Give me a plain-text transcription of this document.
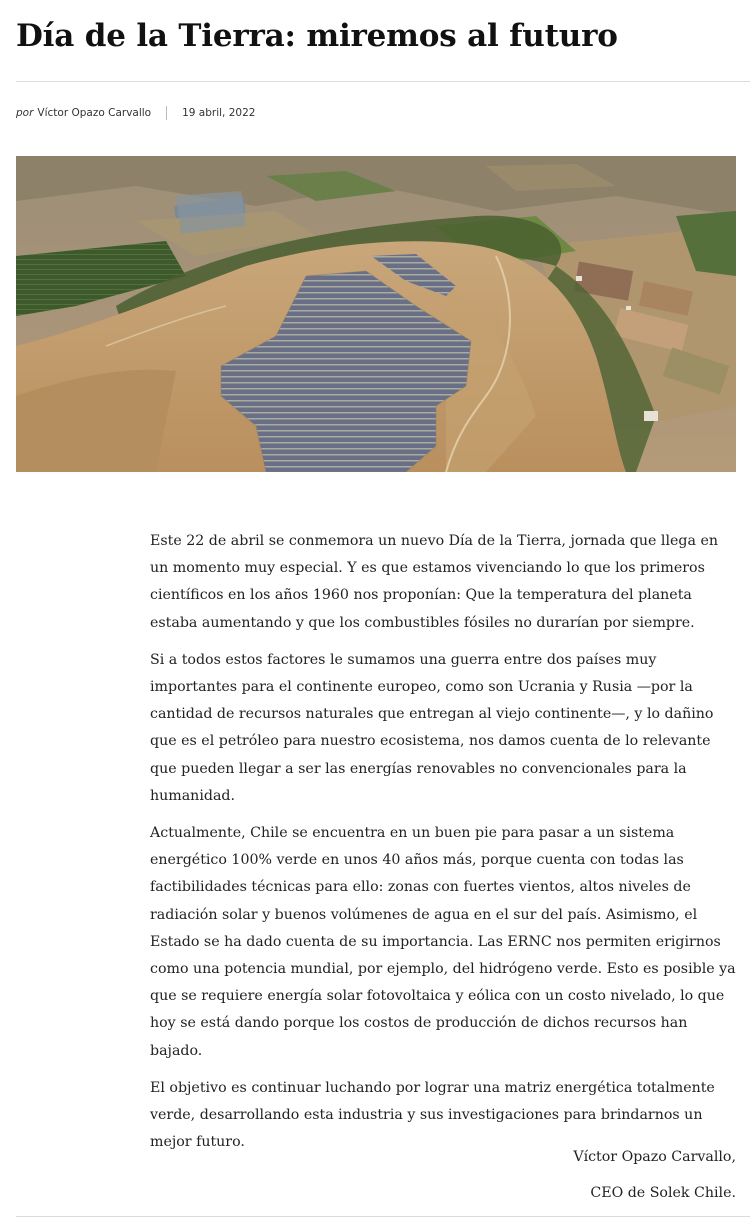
Día de la Tierra: miremos al futuro
por Víctor Opazo Carvallo	19 abril, 2022

Este 22 de abril se conmemora un nuevo Día de la Tierra, jornada que llega en un momento muy especial. Y es que estamos vivenciando lo que los primeros científicos en los años 1960 nos proponían: Que la temperatura del planeta estaba aumentando y que los combustibles fósiles no durarían por siempre.

Si a todos estos factores le sumamos una guerra entre dos países muy importantes para el continente europeo, como son Ucrania y Rusia —por la cantidad de recursos naturales que entregan al viejo continente—, y lo dañino que es el petróleo para nuestro ecosistema, nos damos cuenta de lo relevante que pueden llegar a ser las energías renovables no convencionales para la humanidad.

Actualmente, Chile se encuentra en un buen pie para pasar a un sistema energético 100% verde en unos 40 años más, porque cuenta con todas las factibilidades técnicas para ello: zonas con fuertes vientos, altos niveles de radiación solar y buenos volúmenes de agua en el sur del país. Asimismo, el Estado se ha dado cuenta de su importancia. Las ERNC nos permiten erigirnos como una potencia mundial, por ejemplo, del hidrógeno verde. Esto es posible ya que se requiere energía solar fotovoltaica y eólica con un costo nivelado, lo que hoy se está dando porque los costos de producción de dichos recursos han bajado.

El objetivo es continuar luchando por lograr una matriz energética totalmente verde, desarrollando esta industria y sus investigaciones para brindarnos un mejor futuro.

Víctor Opazo Carvallo,
CEO de Solek Chile.
